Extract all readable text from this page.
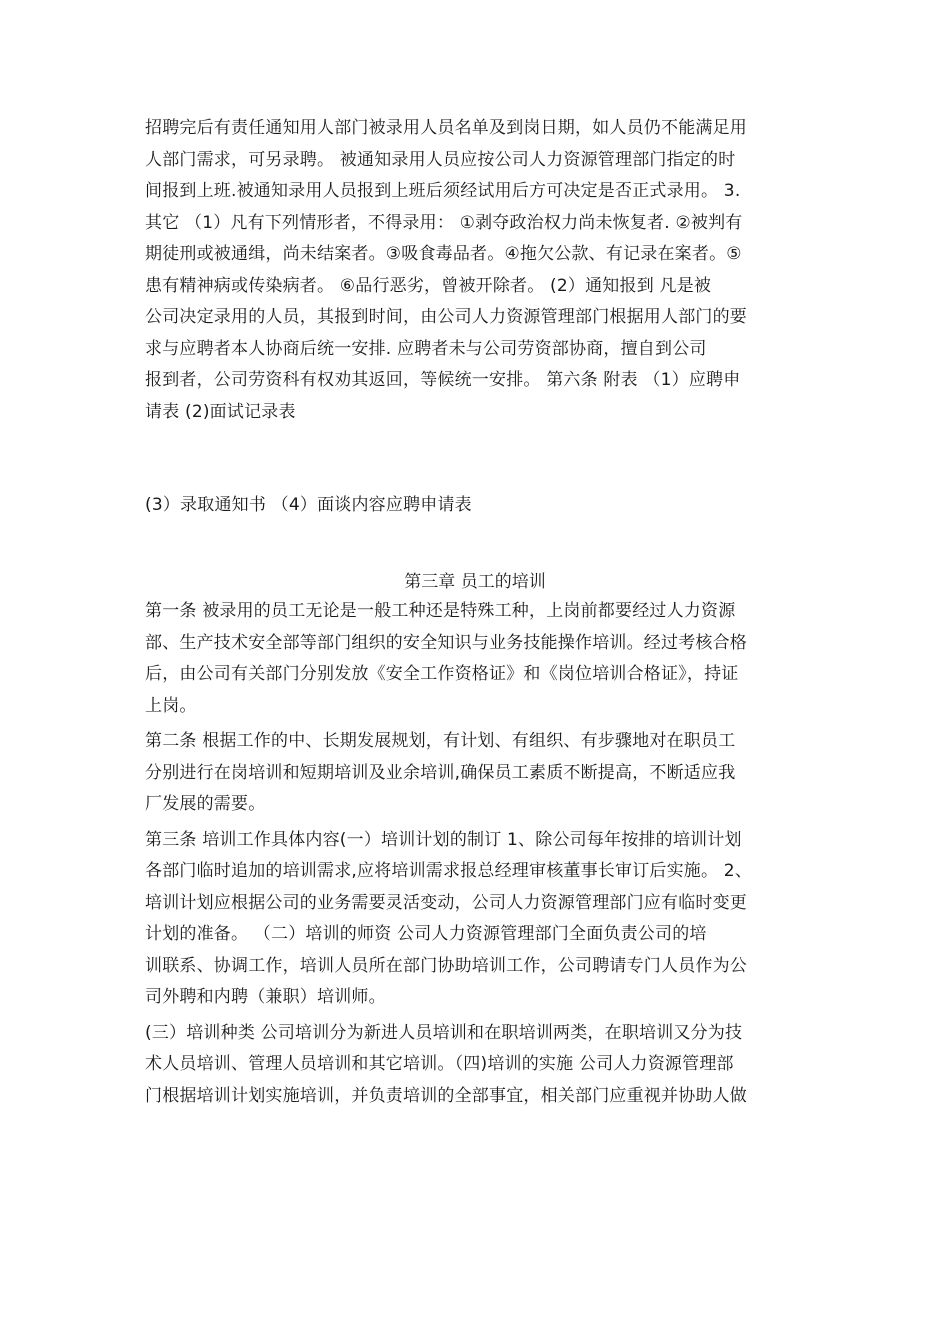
招聘完后有责任通知用人部门被录用人员名单及到岗日期，如人员仍不能满足用

人部门需求，可另录聘。 被通知录用人员应按公司人力资源管理部门指定的时

间报到上班.被通知录用人员报到上班后须经试用后方可决定是否正式录用。 3.

其它 （1）凡有下列情形者，不得录用： ①剥夺政治权力尚未恢复者. ②被判有

期徒刑或被通缉，尚未结案者。③吸食毒品者。④拖欠公款、有记录在案者。⑤

患有精神病或传染病者。 ⑥品行恶劣，曾被开除者。 (2）通知报到 凡是被

公司决定录用的人员，其报到时间，由公司人力资源管理部门根据用人部门的要

求与应聘者本人协商后统一安排. 应聘者未与公司劳资部协商，擅自到公司

报到者，公司劳资科有权劝其返回，等候统一安排。 第六条 附表 （1）应聘申

请表 (2)面试记录表

(3）录取通知书 （4）面谈内容应聘申请表

第三章 员工的培训

第一条 被录用的员工无论是一般工种还是特殊工种，上岗前都要经过人力资源

部、生产技术安全部等部门组织的安全知识与业务技能操作培训。经过考核合格

后，由公司有关部门分别发放《安全工作资格证》和《岗位培训合格证》，持证

上岗。

第二条 根据工作的中、长期发展规划，有计划、有组织、有步骤地对在职员工

分别进行在岗培训和短期培训及业余培训,确保员工素质不断提高，不断适应我

厂发展的需要。

第三条 培训工作具体内容(一）培训计划的制订 1、除公司每年按排的培训计划

各部门临时追加的培训需求,应将培训需求报总经理审核董事长审订后实施。 2、

培训计划应根据公司的业务需要灵活变动，公司人力资源管理部门应有临时变更

计划的准备。 （二）培训的师资 公司人力资源管理部门全面负责公司的培

训联系、协调工作，培训人员所在部门协助培训工作，公司聘请专门人员作为公

司外聘和内聘（兼职）培训师。

(三）培训种类 公司培训分为新进人员培训和在职培训两类，在职培训又分为技

术人员培训、管理人员培训和其它培训。（四)培训的实施 公司人力资源管理部

门根据培训计划实施培训，并负责培训的全部事宜，相关部门应重视并协助人做
